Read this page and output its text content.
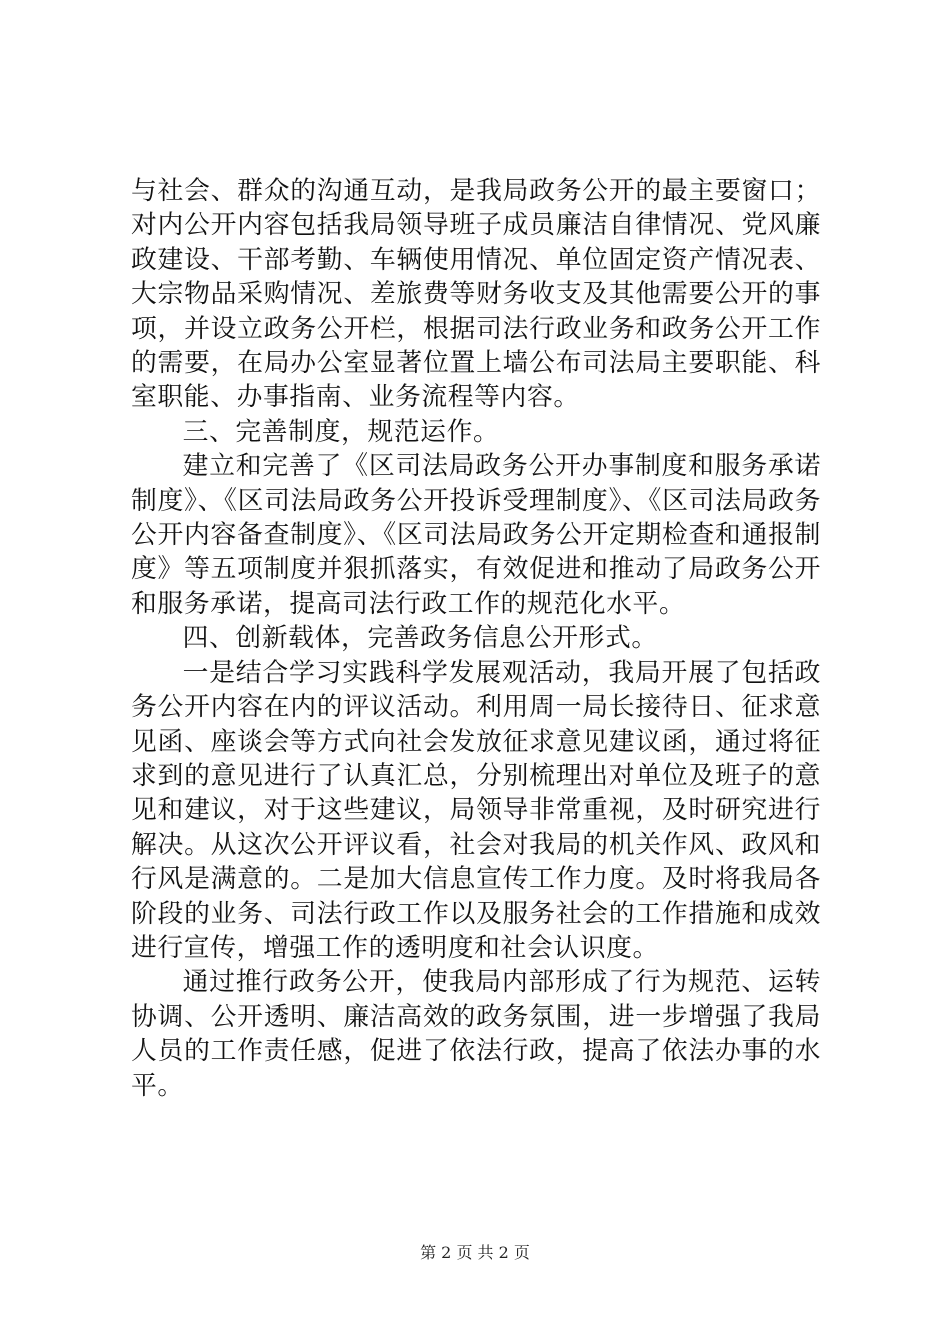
与社会、群众的沟通互动，是我局政务公开的最主要窗口；对内公开内容包括我局领导班子成员廉洁自律情况、党风廉政建设、干部考勤、车辆使用情况、单位固定资产情况表、大宗物品采购情况、差旅费等财务收支及其他需要公开的事项，并设立政务公开栏，根据司法行政业务和政务公开工作的需要，在局办公室显著位置上墙公布司法局主要职能、科室职能、办事指南、业务流程等内容。

三、完善制度，规范运作。

建立和完善了《区司法局政务公开办事制度和服务承诺制度》、《区司法局政务公开投诉受理制度》、《区司法局政务公开内容备查制度》、《区司法局政务公开定期检查和通报制度》等五项制度并狠抓落实，有效促进和推动了局政务公开和服务承诺，提高司法行政工作的规范化水平。

四、创新载体，完善政务信息公开形式。

一是结合学习实践科学发展观活动，我局开展了包括政务公开内容在内的评议活动。利用周一局长接待日、征求意见函、座谈会等方式向社会发放征求意见建议函，通过将征求到的意见进行了认真汇总，分别梳理出对单位及班子的意见和建议，对于这些建议，局领导非常重视，及时研究进行解决。从这次公开评议看，社会对我局的机关作风、政风和行风是满意的。二是加大信息宣传工作力度。及时将我局各阶段的业务、司法行政工作以及服务社会的工作措施和成效进行宣传，增强工作的透明度和社会认识度。

通过推行政务公开，使我局内部形成了行为规范、运转协调、公开透明、廉洁高效的政务氛围，进一步增强了我局人员的工作责任感，促进了依法行政，提高了依法办事的水平。

第 2 页 共 2 页
